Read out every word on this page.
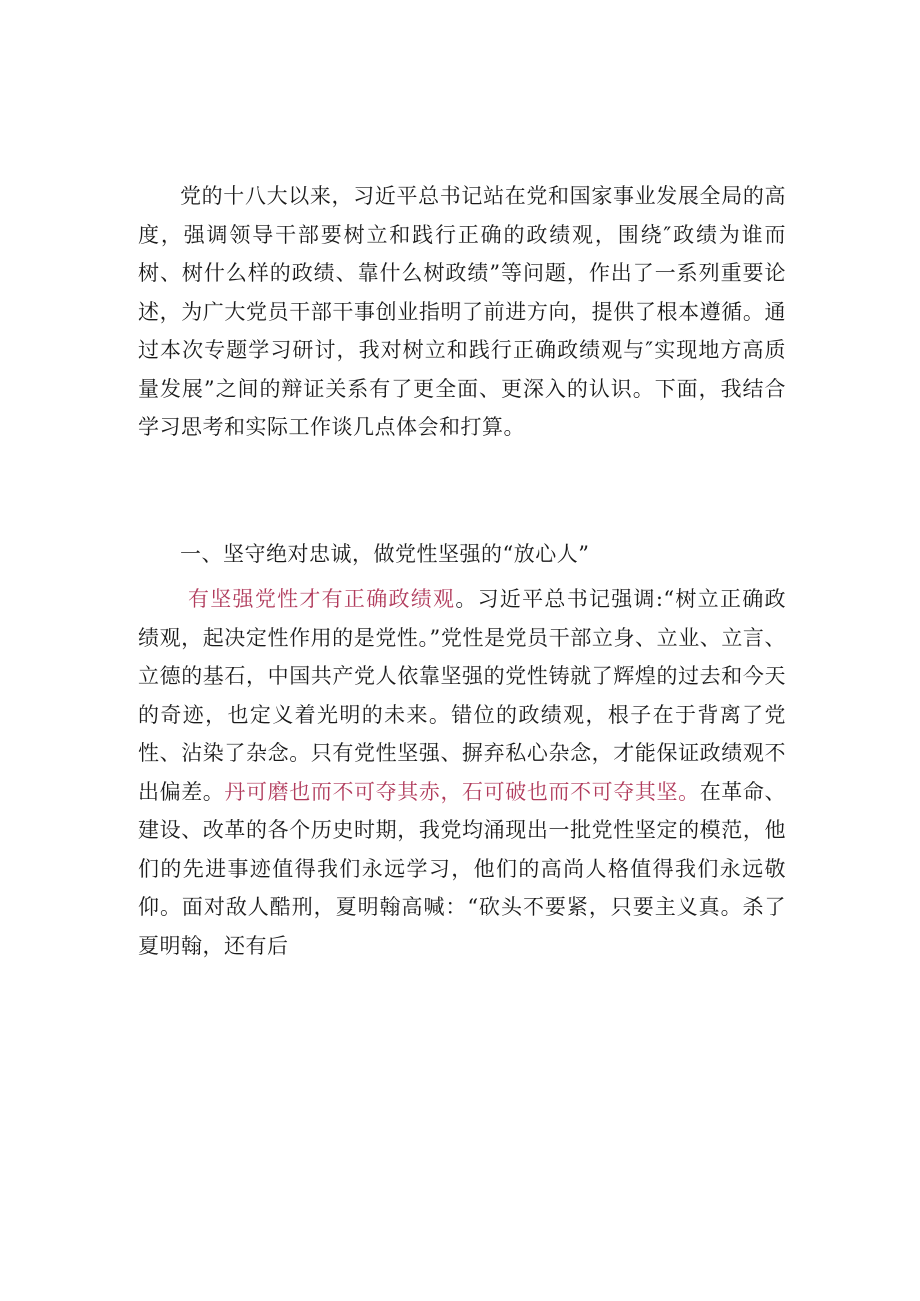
党的十八大以来，习近平总书记站在党和国家事业发展全局的高度，强调领导干部要树立和践行正确的政绩观，围绕″政绩为谁而树、树什么样的政绩、靠什么树政绩”等问题，作出了一系列重要论述，为广大党员干部干事创业指明了前进方向，提供了根本遵循。通过本次专题学习研讨，我对树立和践行正确政绩观与″实现地方高质量发展”之间的辩证关系有了更全面、更深入的认识。下面，我结合学习思考和实际工作谈几点体会和打算。

一、坚守绝对忠诚，做党性坚强的“放心人”

有坚强党性才有正确政绩观。习近平总书记强调:“树立正确政绩观，起决定性作用的是党性。”党性是党员干部立身、立业、立言、立德的基石，中国共产党人依靠坚强的党性铸就了辉煌的过去和今天的奇迹，也定义着光明的未来。错位的政绩观，根子在于背离了党性、沾染了杂念。只有党性坚强、摒弃私心杂念，才能保证政绩观不出偏差。丹可磨也而不可夺其赤，石可破也而不可夺其坚。在革命、建设、改革的各个历史时期，我党均涌现出一批党性坚定的模范，他们的先进事迹值得我们永远学习，他们的高尚人格值得我们永远敬仰。面对敌人酷刑，夏明翰高喊：“砍头不要紧，只要主义真。杀了夏明翰，还有后
